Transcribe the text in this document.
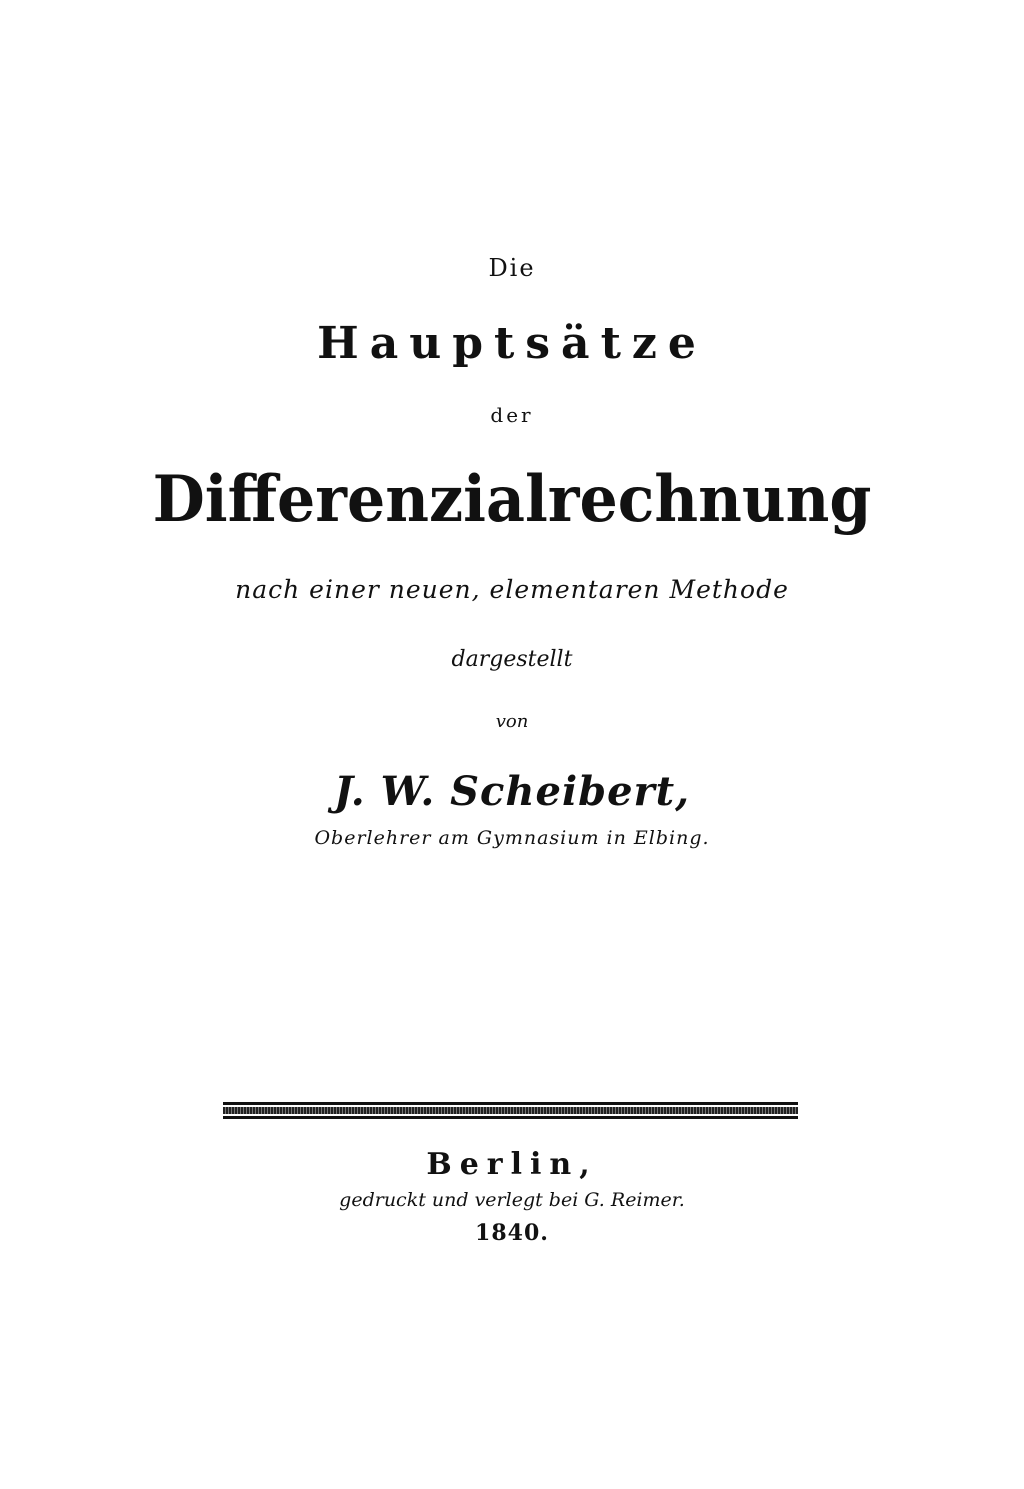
Die
Hauptsätze
der
Differenzialrechnung
nach einer neuen, elementaren Methode
dargestellt
von
J. W. Scheibert,
Oberlehrer am Gymnasium in Elbing.
Berlin,
gedruckt und verlegt bei G. Reimer.
1840.
